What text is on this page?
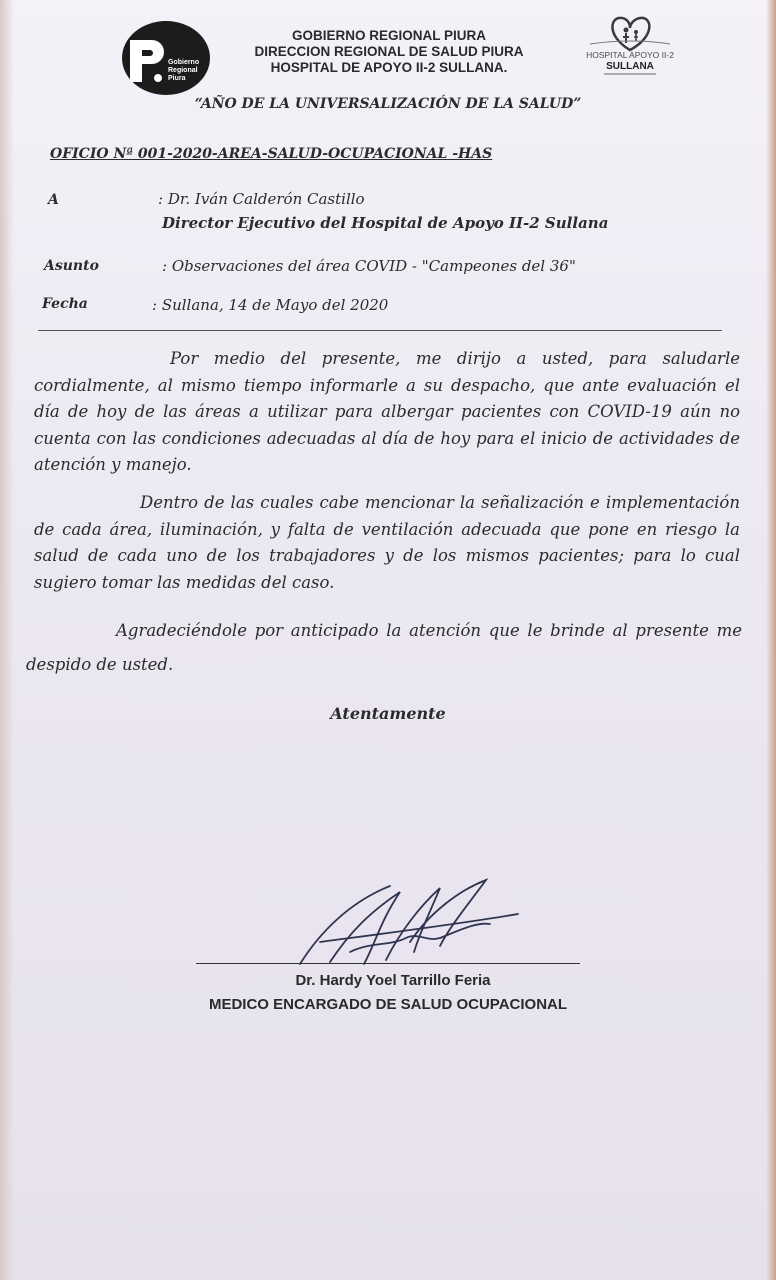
Gobierno
Regional
Piura
GOBIERNO REGIONAL PIURA
DIRECCION REGIONAL DE SALUD PIURA
HOSPITAL DE APOYO II-2 SULLANA.
HOSPITAL APOYO II-2
SULLANA
“AÑO DE LA UNIVERSALIZACIÓN DE LA SALUD”
OFICIO Nª 001-2020-AREA-SALUD-OCUPACIONAL -HAS
A	: Dr. Iván Calderón Castillo
Director Ejecutivo del Hospital de Apoyo II-2 Sullana
Asunto	: Observaciones del área COVID - "Campeones del 36"
Fecha	: Sullana, 14 de Mayo del 2020
Por medio del presente, me dirijo a usted, para saludarle cordialmente, al mismo tiempo informarle a su despacho, que ante evaluación el día de hoy de las áreas a utilizar para albergar pacientes con COVID-19 aún no cuenta con las condiciones adecuadas al día de hoy para el inicio de actividades de atención y manejo.
Dentro de las cuales cabe mencionar la señalización e implementación de cada área, iluminación, y falta de ventilación adecuada que pone en riesgo la salud de cada uno de los trabajadores y de los mismos pacientes; para lo cual sugiero tomar las medidas del caso.
Agradeciéndole por anticipado la atención que le brinde al presente me despido de usted.
Atentamente
Dr. Hardy Yoel Tarrillo Feria
MEDICO ENCARGADO DE SALUD OCUPACIONAL
